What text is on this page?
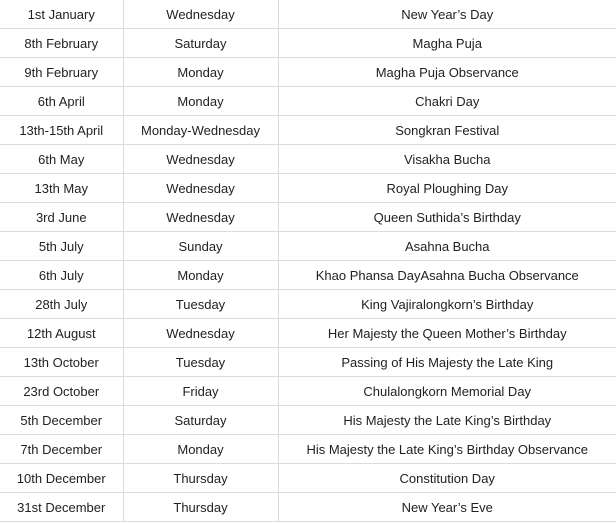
1st January	Wednesday	New Year’s Day
8th February	Saturday	Magha Puja
9th February	Monday	Magha Puja Observance
6th April	Monday	Chakri Day
13th-15th April	Monday-Wednesday	Songkran Festival
6th May	Wednesday	Visakha Bucha
13th May	Wednesday	Royal Ploughing Day
3rd June	Wednesday	Queen Suthida’s Birthday
5th July	Sunday	Asahna Bucha
6th July	Monday	Khao Phansa DayAsahna Bucha Observance
28th July	Tuesday	King Vajiralongkorn’s Birthday
12th August	Wednesday	Her Majesty the Queen Mother’s Birthday
13th October	Tuesday	Passing of His Majesty the Late King
23rd October	Friday	Chulalongkorn Memorial Day
5th December	Saturday	His Majesty the Late King’s Birthday
7th December	Monday	His Majesty the Late King’s Birthday Observance
10th December	Thursday	Constitution Day
31st December	Thursday	New Year’s Eve
